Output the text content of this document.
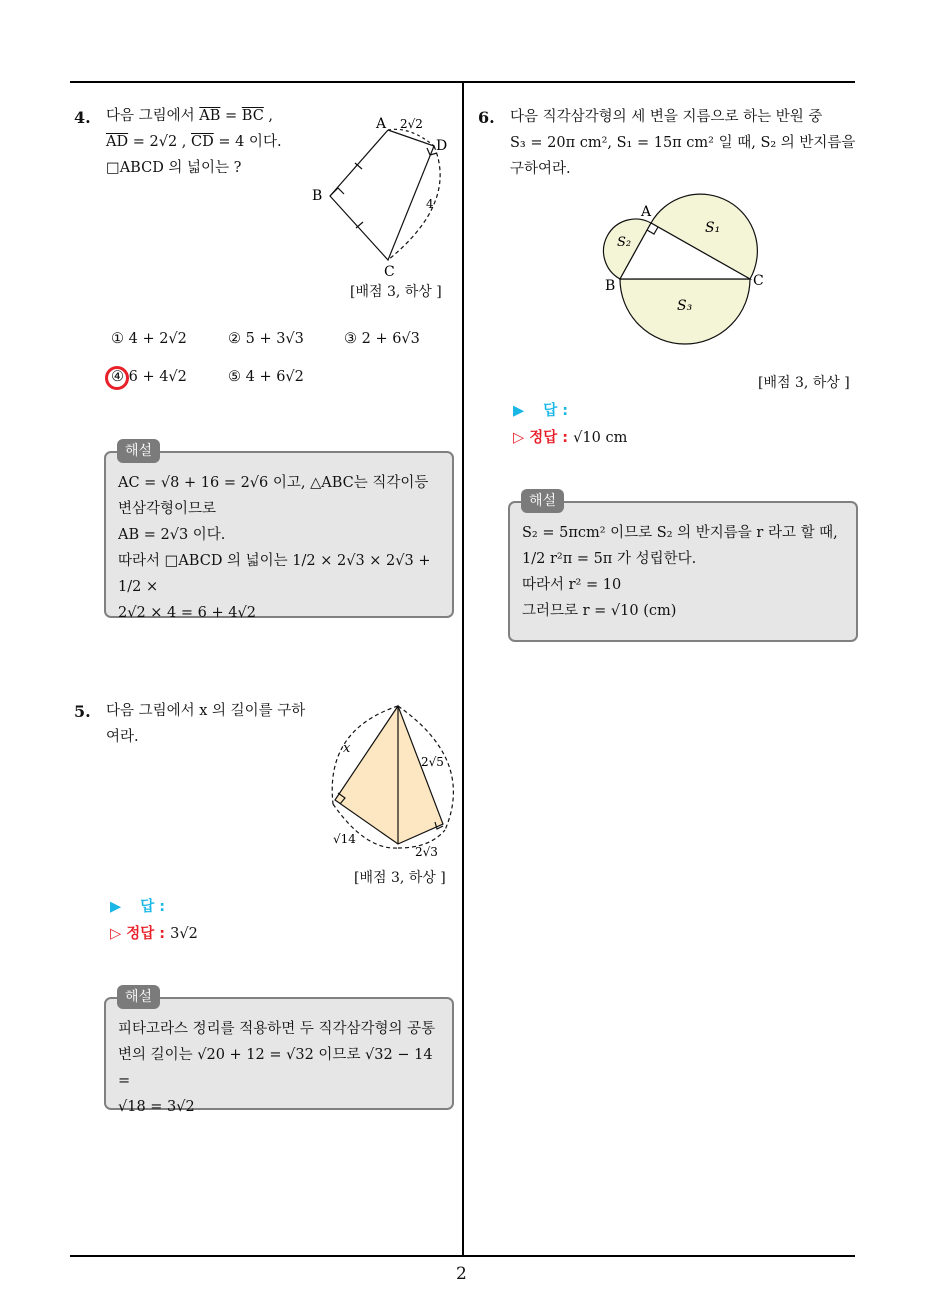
2
4. 다음 그림에서 $\overline{AB} = \overline{BC}$ ,
$\overline{AD} = 2√2$ , $\overline{CD} = 4$ 이다.
□ABCD 의 넓이는 ?
A
D
B
C
2√2
4
[배점 3, 하상 ]
① 4 + 2√2	② 5 + 3√3	③ 2 + 6√3
④ 6 + 4√2	⑤ 4 + 6√2
해설
AC = √8 + 16 = 2√6 이고, △ABC는 직각이등
변삼각형이므로
AB = 2√3 이다.
따라서 □ABCD 의 넓이는 1/2 × 2√3 × 2√3 + 1/2 ×
2√2 × 4 = 6 + 4√2
5. 다음 그림에서 x 의 길이를 구하
여라.
x
2√5
√14
2√3
[배점 3, 하상 ]
▶ 답 :
▷ 정답 : 3√2
해설
피타고라스 정리를 적용하면 두 직각삼각형의 공통
변의 길이는 √20 + 12 = √32 이므로 √32 − 14 =
√18 = 3√2
6. 다음 직각삼각형의 세 변을 지름으로 하는 반원 중
S₃ = 20π cm², S₁ = 15π cm² 일 때, S₂ 의 반지름을
구하여라.
A
B	C
S₁
S₂
S₃
[배점 3, 하상 ]
▶ 답 :
▷ 정답 : √10 cm
해설
S₂ = 5πcm² 이므로 S₂ 의 반지름을 r 라고 할 때,
1/2 r²π = 5π 가 성립한다.
따라서 r² = 10
그러므로 r = √10 (cm)
